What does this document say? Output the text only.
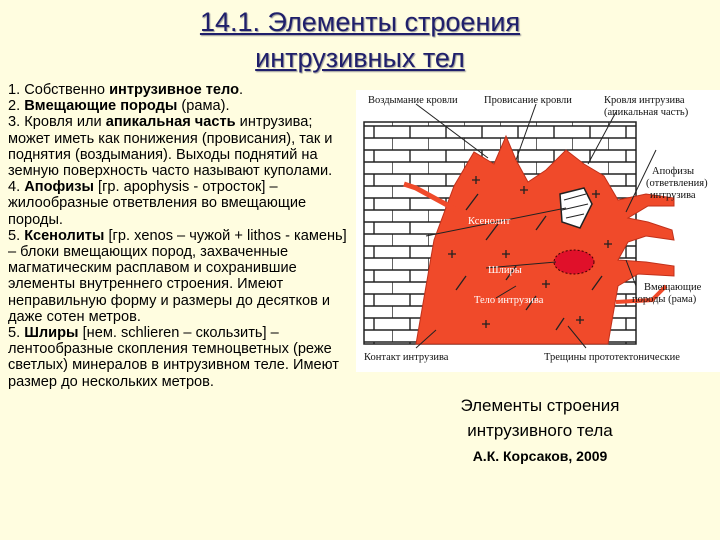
14.1. Элементы строения
интрузивных тел

1. Собственно интрузивное тело.

2. Вмещающие породы (рама).

3. Кровля или апикальная часть интрузива; может иметь как понижения (провисания), так и поднятия (воздымания). Выходы поднятий на земную поверхность часто называют куполами.

4. Апофизы [гр. apophysis - отросток] – жилообразные ответвления во вмещающие породы.

5. Ксенолиты [гр. xenos – чужой + lithos - камень] – блоки вмещающих пород, захваченные магматическим расплавом и сохранившие элементы внутреннего строения. Имеют неправильную форму и размеры до десятков и даже сотен метров.

5. Шлиры [нем. schlieren – скользить] – лентообразные скопления темноцветных (реже светлых) минералов в интрузивном теле. Имеют размер до нескольких метров.

Воздымание кровли	Провисание кровли	Кровля интрузива
(апикальная часть)
Апофизы
(ответвления)
интрузива
Ксенолит
Шлиры
Тело интрузива
Вмещающие
породы (рама)
Контакт интрузива	Трещины прототектонические
Элементы строения
интрузивного тела
А.К. Корсаков, 2009
